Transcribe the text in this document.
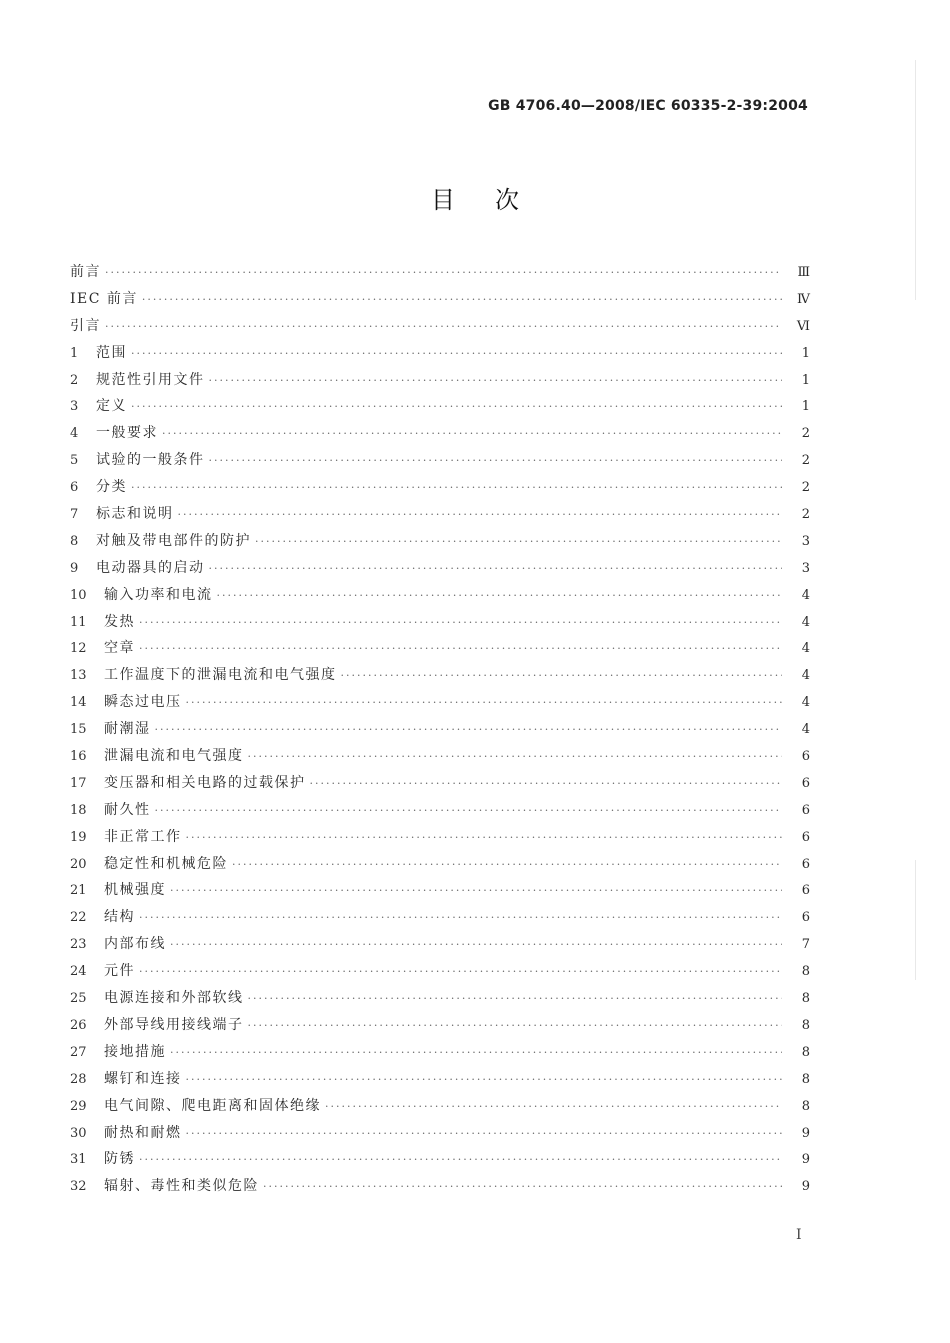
GB 4706.40—2008/IEC 60335-2-39:2004
目次
前言 ·····	Ⅲ
IEC 前言 ·····	Ⅳ
引言 ·····	Ⅵ
1	范围 ·····	1
2	规范性引用文件 ·····	1
3	定义 ·····	1
4	一般要求 ·····	2
5	试验的一般条件 ·····	2
6	分类 ·····	2
7	标志和说明 ·····	2
8	对触及带电部件的防护 ·····	3
9	电动器具的启动 ·····	3
10	输入功率和电流 ·····	4
11	发热 ·····	4
12	空章 ·····	4
13	工作温度下的泄漏电流和电气强度 ·····	4
14	瞬态过电压 ·····	4
15	耐潮湿 ·····	4
16	泄漏电流和电气强度 ·····	6
17	变压器和相关电路的过载保护 ·····	6
18	耐久性 ·····	6
19	非正常工作 ·····	6
20	稳定性和机械危险 ·····	6
21	机械强度 ·····	6
22	结构 ·····	6
23	内部布线 ·····	7
24	元件 ·····	8
25	电源连接和外部软线 ·····	8
26	外部导线用接线端子 ·····	8
27	接地措施 ·····	8
28	螺钉和连接 ·····	8
29	电气间隙、爬电距离和固体绝缘 ·····	8
30	耐热和耐燃 ·····	9
31	防锈 ·····	9
32	辐射、毒性和类似危险 ·····	9
Ⅰ
